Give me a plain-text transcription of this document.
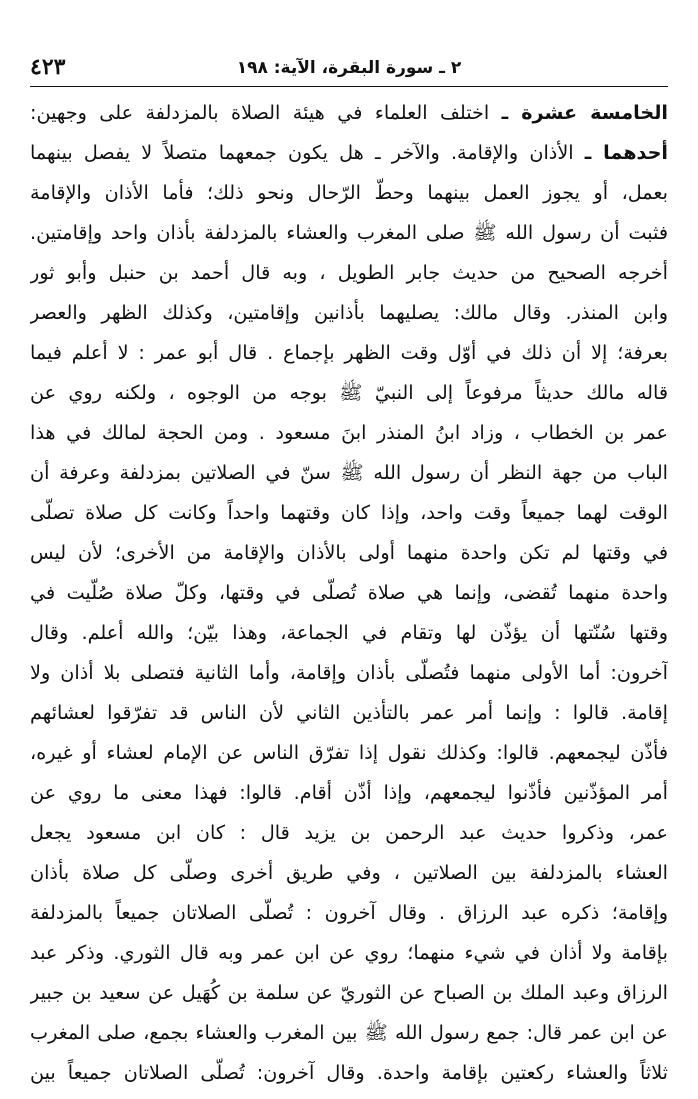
٤٢٣	٢ ـ سورة البقرة، الآية: ١٩٨
الخامسة عشرة ـ اختلف العلماء في هيئة الصلاة بالمزدلفة على وجهين:
أحدهما ـ الأذان والإقامة. والآخر ـ هل يكون جمعهما متصلاً لا يفصل بينهما
بعمل، أو يجوز العمل بينهما وحطّ الرّحال ونحو ذلك؛ فأما الأذان والإقامة
فثبت أن رسول الله ﷺ صلى المغرب والعشاء بالمزدلفة بأذان واحد وإقامتين.
أخرجه الصحيح من حديث جابر الطويل ، وبه قال أحمد بن حنبل وأبو ثور
وابن المنذر. وقال مالك: يصليهما بأذانين وإقامتين، وكذلك الظهر والعصر
بعرفة؛ إلا أن ذلك في أوّل وقت الظهر بإجماع . قال أبو عمر : لا أعلم فيما
قاله مالك حديثاً مرفوعاً إلى النبيّ ﷺ بوجه من الوجوه ، ولكنه روي عن
عمر بن الخطاب ، وزاد ابنُ المنذر ابنَ مسعود . ومن الحجة لمالك في هذا
الباب من جهة النظر أن رسول الله ﷺ سنّ في الصلاتين بمزدلفة وعرفة أن
الوقت لهما جميعاً وقت واحد، وإذا كان وقتهما واحداً وكانت كل صلاة تصلّى
في وقتها لم تكن واحدة منهما أولى بالأذان والإقامة من الأخرى؛ لأن ليس
واحدة منهما تُقضى، وإنما هي صلاة تُصلّى في وقتها، وكلّ صلاة صُلّيت في
وقتها سُنّتها أن يؤذّن لها وتقام في الجماعة، وهذا بيّن؛ والله أعلم. وقال
آخرون: أما الأولى منهما فتُصلّى بأذان وإقامة، وأما الثانية فتصلى بلا أذان ولا
إقامة. قالوا : وإنما أمر عمر بالتأذين الثاني لأن الناس قد تفرّقوا لعشائهم
فأذّن ليجمعهم. قالوا: وكذلك نقول إذا تفرّق الناس عن الإمام لعشاء أو غيره،
أمر المؤذّنين فأذّنوا ليجمعهم، وإذا أذّن أقام. قالوا: فهذا معنى ما روي عن
عمر، وذكروا حديث عبد الرحمن بن يزيد قال : كان ابن مسعود يجعل
العشاء بالمزدلفة بين الصلاتين ، وفي طريق أخرى وصلّى كل صلاة بأذان
وإقامة؛ ذكره عبد الرزاق . وقال آخرون : تُصلّى الصلاتان جميعاً بالمزدلفة
بإقامة ولا أذان في شيء منهما؛ روي عن ابن عمر وبه قال الثوري. وذكر عبد
الرزاق وعبد الملك بن الصباح عن الثوريّ عن سلمة بن كُهَيل عن سعيد بن جبير
عن ابن عمر قال: جمع رسول الله ﷺ بين المغرب والعشاء بجمع، صلى المغرب
ثلاثاً والعشاء ركعتين بإقامة واحدة. وقال آخرون: تُصلّى الصلاتان جميعاً بين
